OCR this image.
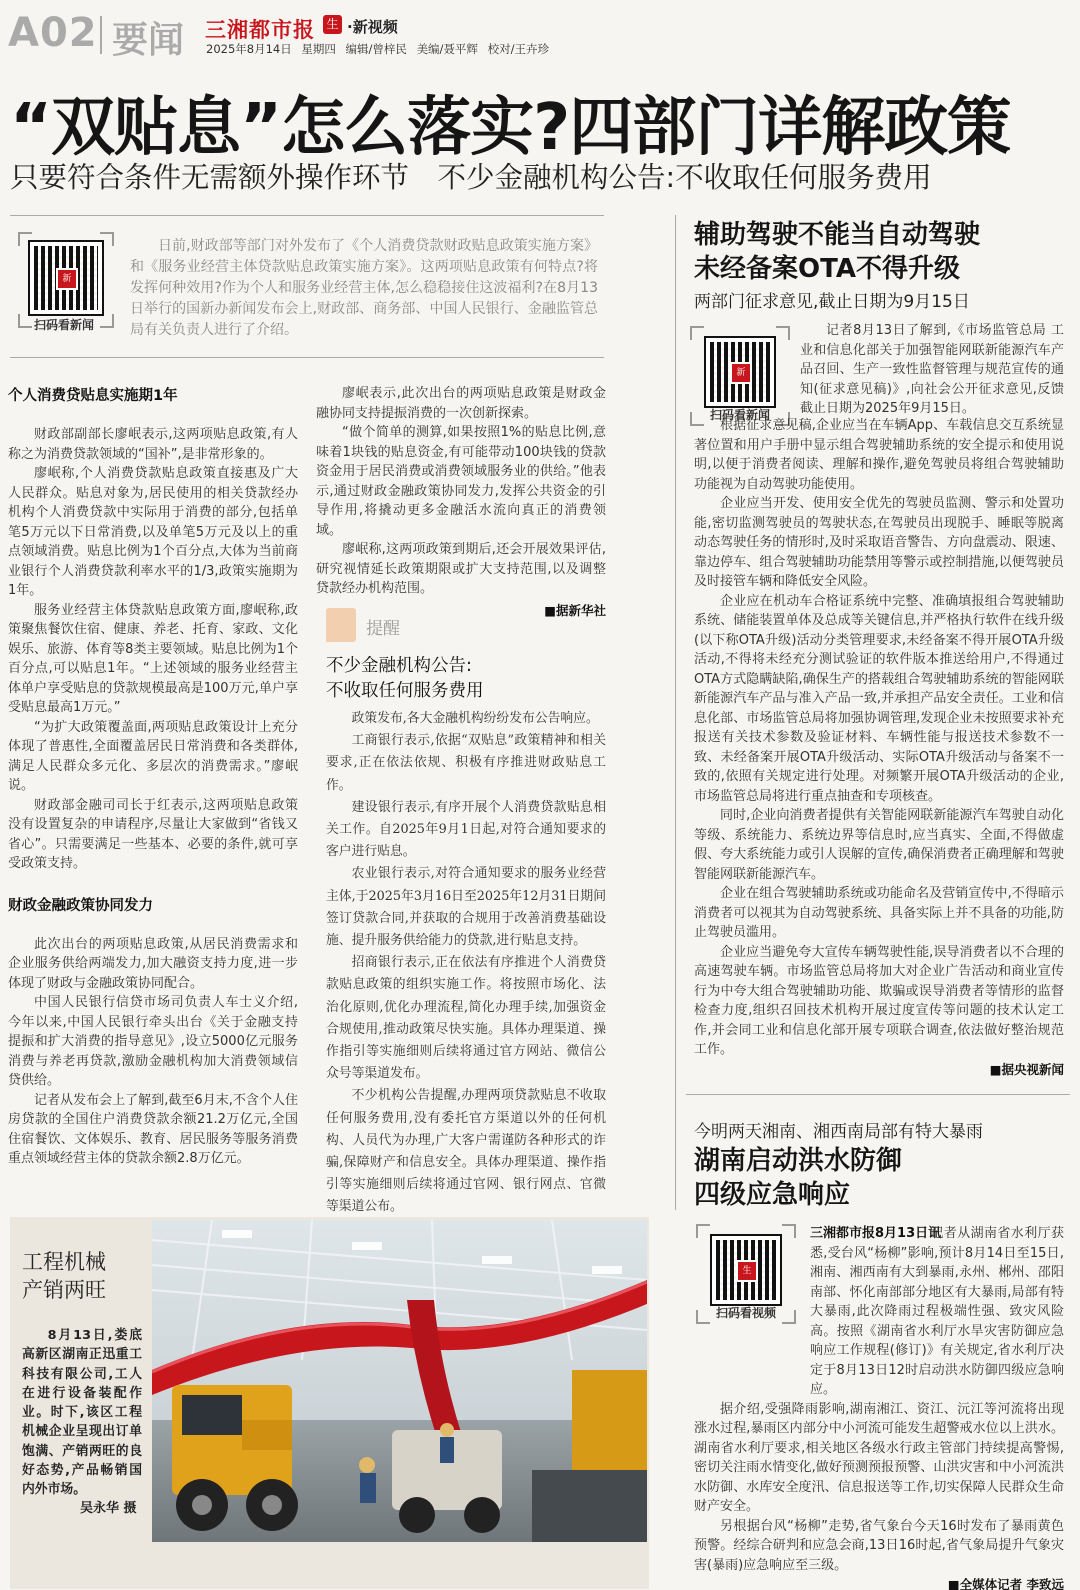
A02 要闻 三湘都市报 生 ·新视频
2025年8月14日 星期四 编辑/曾梓民 美编/聂平辉 校对/王卉珍
“双贴息”怎么落实?四部门详解政策
只要符合条件无需额外操作环节　不少金融机构公告:不收取任何服务费用
新
扫码看新闻
日前,财政部等部门对外发布了《个人消费贷款财政贴息政策实施方案》和《服务业经营主体贷款贴息政策实施方案》。这两项贴息政策有何特点?将发挥何种效用?作为个人和服务业经营主体,怎么稳稳接住这波福利?在8月13日举行的国新办新闻发布会上,财政部、商务部、中国人民银行、金融监管总局有关负责人进行了介绍。
个人消费贷贴息实施期1年

财政部副部长廖岷表示,这两项贴息政策,有人称之为消费贷款领域的“国补”,是非常形象的。

廖岷称,个人消费贷款贴息政策直接惠及广大人民群众。贴息对象为,居民使用的相关贷款经办机构个人消费贷款中实际用于消费的部分,包括单笔5万元以下日常消费,以及单笔5万元及以上的重点领域消费。贴息比例为1个百分点,大体为当前商业银行个人消费贷款利率水平的1/3,政策实施期为1年。

服务业经营主体贷款贴息政策方面,廖岷称,政策聚焦餐饮住宿、健康、养老、托育、家政、文化娱乐、旅游、体育等8类主要领域。贴息比例为1个百分点,可以贴息1年。“上述领域的服务业经营主体单户享受贴息的贷款规模最高是100万元,单户享受贴息最高1万元。”

“为扩大政策覆盖面,两项贴息政策设计上充分体现了普惠性,全面覆盖居民日常消费和各类群体,满足人民群众多元化、多层次的消费需求。”廖岷说。

财政部金融司司长于红表示,这两项贴息政策没有设置复杂的申请程序,尽量让大家做到“省钱又省心”。只需要满足一些基本、必要的条件,就可享受政策支持。

财政金融政策协同发力

此次出台的两项贴息政策,从居民消费需求和企业服务供给两端发力,加大融资支持力度,进一步体现了财政与金融政策协同配合。

中国人民银行信贷市场司负责人车士义介绍,今年以来,中国人民银行牵头出台《关于金融支持提振和扩大消费的指导意见》,设立5000亿元服务消费与养老再贷款,激励金融机构加大消费领域信贷供给。

记者从发布会上了解到,截至6月末,不含个人住房贷款的全国住户消费贷款余额21.2万亿元,全国住宿餐饮、文体娱乐、教育、居民服务等服务消费重点领域经营主体的贷款余额2.8万亿元。

廖岷表示,此次出台的两项贴息政策是财政金融协同支持提振消费的一次创新探索。

“做个简单的测算,如果按照1%的贴息比例,意味着1块钱的贴息资金,有可能带动100块钱的贷款资金用于居民消费或消费领域服务业的供给。”他表示,通过财政金融政策协同发力,发挥公共资金的引导作用,将撬动更多金融活水流向真正的消费领域。

廖岷称,这两项政策到期后,还会开展效果评估,研究视情延长政策期限或扩大支持范围,以及调整贷款经办机构范围。

■据新华社
提醒
不少金融机构公告:
不收取任何服务费用

政策发布,各大金融机构纷纷发布公告响应。

工商银行表示,依据“双贴息”政策精神和相关要求,正在依法依规、积极有序推进财政贴息工作。

建设银行表示,有序开展个人消费贷款贴息相关工作。自2025年9月1日起,对符合通知要求的客户进行贴息。

农业银行表示,对符合通知要求的服务业经营主体,于2025年3月16日至2025年12月31日期间签订贷款合同,并获取的合规用于改善消费基础设施、提升服务供给能力的贷款,进行贴息支持。

招商银行表示,正在依法有序推进个人消费贷款贴息政策的组织实施工作。将按照市场化、法治化原则,优化办理流程,简化办理手续,加强资金合规使用,推动政策尽快实施。具体办理渠道、操作指引等实施细则后续将通过官方网站、微信公众号等渠道发布。

不少机构公告提醒,办理两项贷款贴息不收取任何服务费用,没有委托官方渠道以外的任何机构、人员代为办理,广大客户需谨防各种形式的诈骗,保障财产和信息安全。具体办理渠道、操作指引等实施细则后续将通过官网、银行网点、官微等渠道公布。

辅助驾驶不能当自动驾驶
未经备案OTA不得升级
两部门征求意见,截止日期为9月15日
新
扫码看新闻

记者8月13日了解到,《市场监管总局 工业和信息化部关于加强智能网联新能源汽车产品召回、生产一致性监督管理与规范宣传的通知(征求意见稿)》,向社会公开征求意见,反馈截止日期为2025年9月15日。

根据征求意见稿,企业应当在车辆App、车载信息交互系统显著位置和用户手册中显示组合驾驶辅助系统的安全提示和使用说明,以便于消费者阅读、理解和操作,避免驾驶员将组合驾驶辅助功能视为自动驾驶功能使用。

企业应当开发、使用安全优先的驾驶员监测、警示和处置功能,密切监测驾驶员的驾驶状态,在驾驶员出现脱手、睡眠等脱离动态驾驶任务的情形时,及时采取语音警告、方向盘震动、限速、靠边停车、组合驾驶辅助功能禁用等警示或控制措施,以便驾驶员及时接管车辆和降低安全风险。

企业应在机动车合格证系统中完整、准确填报组合驾驶辅助系统、储能装置单体及总成等关键信息,并严格执行软件在线升级(以下称OTA升级)活动分类管理要求,未经备案不得开展OTA升级活动,不得将未经充分测试验证的软件版本推送给用户,不得通过OTA方式隐瞒缺陷,确保生产的搭载组合驾驶辅助系统的智能网联新能源汽车产品与准入产品一致,并承担产品安全责任。工业和信息化部、市场监管总局将加强协调管理,发现企业未按照要求补充报送有关技术参数及验证材料、车辆性能与报送技术参数不一致、未经备案开展OTA升级活动、实际OTA升级活动与备案不一致的,依照有关规定进行处理。对频繁开展OTA升级活动的企业,市场监管总局将进行重点抽查和专项核查。

同时,企业向消费者提供有关智能网联新能源汽车驾驶自动化等级、系统能力、系统边界等信息时,应当真实、全面,不得做虚假、夸大系统能力或引人误解的宣传,确保消费者正确理解和驾驶智能网联新能源汽车。

企业在组合驾驶辅助系统或功能命名及营销宣传中,不得暗示消费者可以视其为自动驾驶系统、具备实际上并不具备的功能,防止驾驶员滥用。

企业应当避免夸大宣传车辆驾驶性能,误导消费者以不合理的高速驾驶车辆。市场监管总局将加大对企业广告活动和商业宣传行为中夸大组合驾驶辅助功能、欺骗或误导消费者等情形的监督检查力度,组织召回技术机构开展过度宣传等问题的技术认定工作,并会同工业和信息化部开展专项联合调查,依法做好整治规范工作。

■据央视新闻
今明两天湘南、湘西南局部有特大暴雨
湖南启动洪水防御
四级应急响应
生
扫码看视频

三湘都市报8月13日讯

记者从湖南省水利厅获悉,受台风“杨柳”影响,预计8月14日至15日,湘南、湘西南有大到暴雨,永州、郴州、邵阳南部、怀化南部部分地区有大暴雨,局部有特大暴雨,此次降雨过程极端性强、致灾风险高。按照《湖南省水利厅水旱灾害防御应急响应工作规程(修订)》有关规定,省水利厅决定于8月13日12时启动洪水防御四级应急响应。

据介绍,受强降雨影响,湖南湘江、资江、沅江等河流将出现涨水过程,暴雨区内部分中小河流可能发生超警戒水位以上洪水。湖南省水利厅要求,相关地区各级水行政主管部门持续提高警惕,密切关注雨水情变化,做好预测预报预警、山洪灾害和中小河流洪水防御、水库安全度汛、信息报送等工作,切实保障人民群众生命财产安全。

另根据台风“杨柳”走势,省气象台今天16时发布了暴雨黄色预警。经综合研判和应急会商,13日16时起,省气象局提升气象灾害(暴雨)应急响应至三级。

■全媒体记者 李致远
工程机械
产销两旺
8月13日,娄底高新区湖南正迅重工科技有限公司,工人在进行设备装配作业。时下,该区工程机械企业呈现出订单饱满、产销两旺的良好态势,产品畅销国内外市场。
吴永华 摄
